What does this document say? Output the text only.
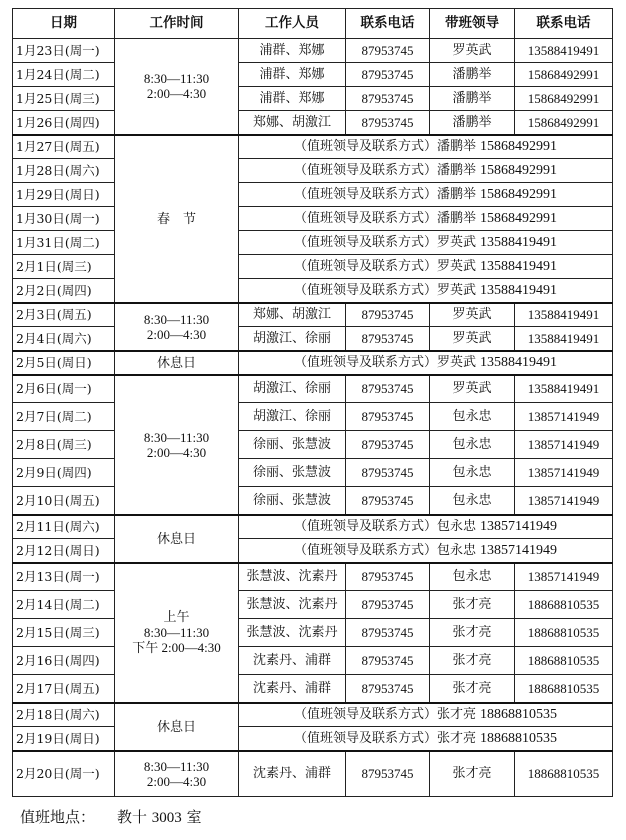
日期	工作时间	工作人员	联系电话	带班领导	联系电话
1月23日(周一)	8:30—11:30
2:00—4:30	浦群、郑娜	87953745	罗英武	13588419491
1月24日(周二)		浦群、郑娜	87953745	潘鹏举	15868492991
1月25日(周三)		浦群、郑娜	87953745	潘鹏举	15868492991
1月26日(周四)		郑娜、胡激江	87953745	潘鹏举	15868492991
1月27日(周五)	春　节	（值班领导及联系方式）潘鹏举 15868492991			
1月28日(周六)		（值班领导及联系方式）潘鹏举 15868492991			
1月29日(周日)		（值班领导及联系方式）潘鹏举 15868492991			
1月30日(周一)		（值班领导及联系方式）潘鹏举 15868492991			
1月31日(周二)		（值班领导及联系方式）罗英武 13588419491			
2月1日(周三)		（值班领导及联系方式）罗英武 13588419491			
2月2日(周四)		（值班领导及联系方式）罗英武 13588419491			
2月3日(周五)	8:30—11:30
2:00—4:30	郑娜、胡激江	87953745	罗英武	13588419491
2月4日(周六)		胡激江、徐丽	87953745	罗英武	13588419491
2月5日(周日)	休息日	（值班领导及联系方式）罗英武 13588419491			
2月6日(周一)	8:30—11:30
2:00—4:30	胡激江、徐丽	87953745	罗英武	13588419491
2月7日(周二)		胡激江、徐丽	87953745	包永忠	13857141949
2月8日(周三)		徐丽、张慧波	87953745	包永忠	13857141949
2月9日(周四)		徐丽、张慧波	87953745	包永忠	13857141949
2月10日(周五)		徐丽、张慧波	87953745	包永忠	13857141949
2月11日(周六)	休息日	（值班领导及联系方式）包永忠 13857141949			
2月12日(周日)		（值班领导及联系方式）包永忠 13857141949			
2月13日(周一)	上午
8:30—11:30
下午 2:00—4:30	张慧波、沈素丹	87953745	包永忠	13857141949
2月14日(周二)		张慧波、沈素丹	87953745	张才亮	18868810535
2月15日(周三)		张慧波、沈素丹	87953745	张才亮	18868810535
2月16日(周四)		沈素丹、浦群	87953745	张才亮	18868810535
2月17日(周五)		沈素丹、浦群	87953745	张才亮	18868810535
2月18日(周六)	休息日	（值班领导及联系方式）张才亮 18868810535			
2月19日(周日)		（值班领导及联系方式）张才亮 18868810535			
2月20日(周一)	8:30—11:30
2:00—4:30	沈素丹、浦群	87953745	张才亮	18868810535
值班地点： 教十 3003 室
